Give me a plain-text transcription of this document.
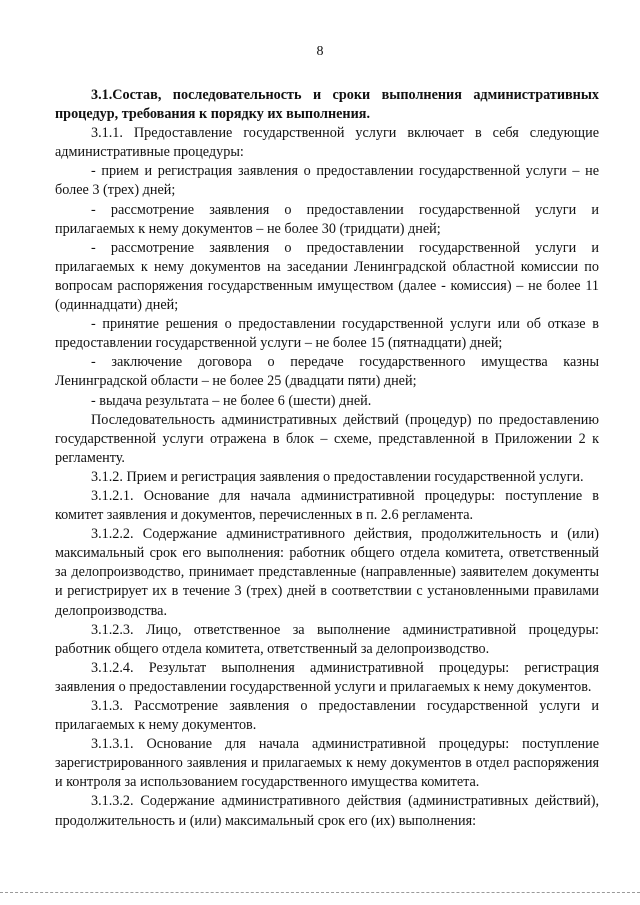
8

3.1.Состав, последовательность и сроки выполнения административных процедур, требования к порядку их выполнения.

3.1.1. Предоставление государственной услуги включает в себя следующие административные процедуры:

- прием и регистрация заявления о предоставлении государственной услуги – не более 3 (трех) дней;

- рассмотрение заявления о предоставлении государственной услуги и прилагаемых к нему документов – не более 30 (тридцати) дней;

- рассмотрение заявления о предоставлении государственной услуги и прилагаемых к нему документов на заседании Ленинградской областной комиссии по вопросам распоряжения государственным имуществом (далее - комиссия) – не более 11 (одиннадцати) дней;

- принятие решения о предоставлении государственной услуги или об отказе в предоставлении государственной услуги – не более 15 (пятнадцати) дней;

- заключение договора о передаче государственного имущества казны Ленинградской области – не более 25 (двадцати пяти) дней;

- выдача результата – не более 6 (шести) дней.

Последовательность административных действий (процедур) по предоставлению государственной услуги отражена в блок – схеме, представленной в Приложении 2 к регламенту.

3.1.2. Прием и регистрация заявления о предоставлении государственной услуги.

3.1.2.1. Основание для начала административной процедуры: поступление в комитет заявления и документов, перечисленных в п. 2.6 регламента.

3.1.2.2. Содержание административного действия, продолжительность и (или) максимальный срок его выполнения: работник общего отдела комитета, ответственный за делопроизводство, принимает представленные (направленные) заявителем документы и регистрирует их в течение 3 (трех) дней в соответствии с установленными правилами делопроизводства.

3.1.2.3. Лицо, ответственное за выполнение административной процедуры: работник общего отдела комитета, ответственный за делопроизводство.

3.1.2.4. Результат выполнения административной процедуры: регистрация заявления о предоставлении государственной услуги и прилагаемых к нему документов.

3.1.3. Рассмотрение заявления о предоставлении государственной услуги и прилагаемых к нему документов.

3.1.3.1. Основание для начала административной процедуры: поступление зарегистрированного заявления и прилагаемых к нему документов в отдел распоряжения и контроля за использованием государственного имущества комитета.

3.1.3.2. Содержание административного действия (административных действий), продолжительность и (или) максимальный срок его (их) выполнения:
